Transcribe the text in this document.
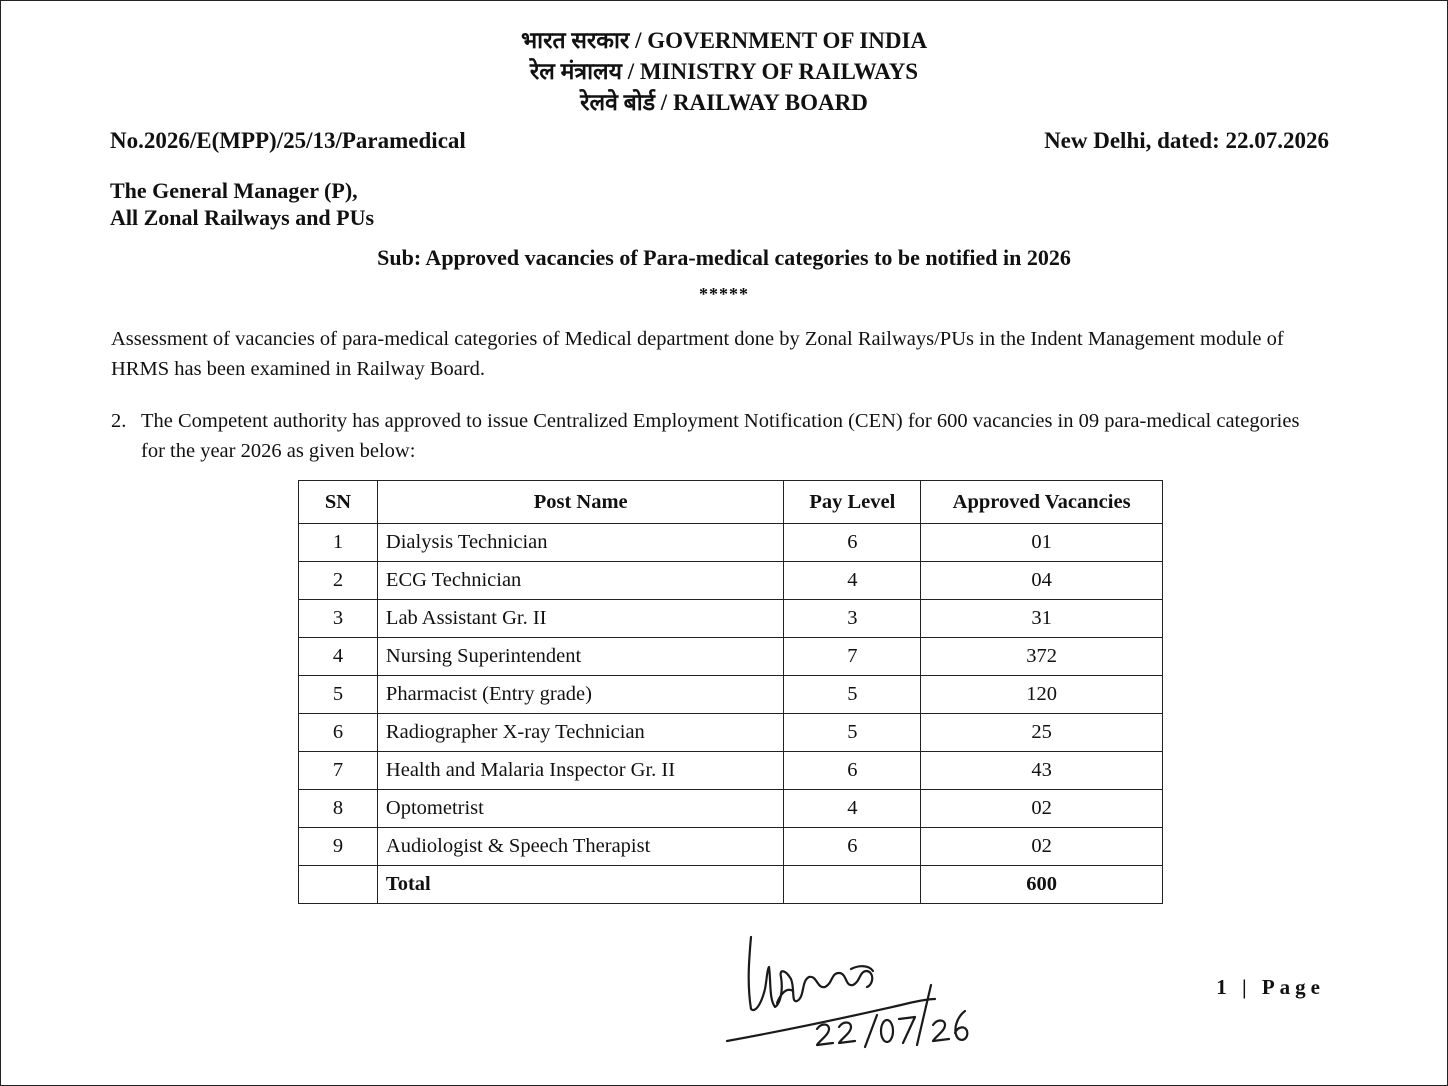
भारत सरकार / GOVERNMENT OF INDIA
रेल मंत्रालय / MINISTRY OF RAILWAYS
रेलवे बोर्ड / RAILWAY BOARD
No.2026/E(MPP)/25/13/Paramedical	New Delhi, dated: 22.07.2026
The General Manager (P),
All Zonal Railways and PUs
Sub: Approved vacancies of Para-medical categories to be notified in 2026
*****
Assessment of vacancies of para-medical categories of Medical department done by Zonal Railways/PUs in the Indent Management module of HRMS has been examined in Railway Board.
2. The Competent authority has approved to issue Centralized Employment Notification (CEN) for 600 vacancies in 09 para-medical categories for the year 2026 as given below:
SN	Post Name	Pay Level	Approved Vacancies
1	Dialysis Technician	6	01
2	ECG Technician	4	04
3	Lab Assistant Gr. II	3	31
4	Nursing Superintendent	7	372
5	Pharmacist (Entry grade)	5	120
6	Radiographer X-ray Technician	5	25
7	Health and Malaria Inspector Gr. II	6	43
8	Optometrist	4	02
9	Audiologist & Speech Therapist	6	02
	Total		600
1 | Page
